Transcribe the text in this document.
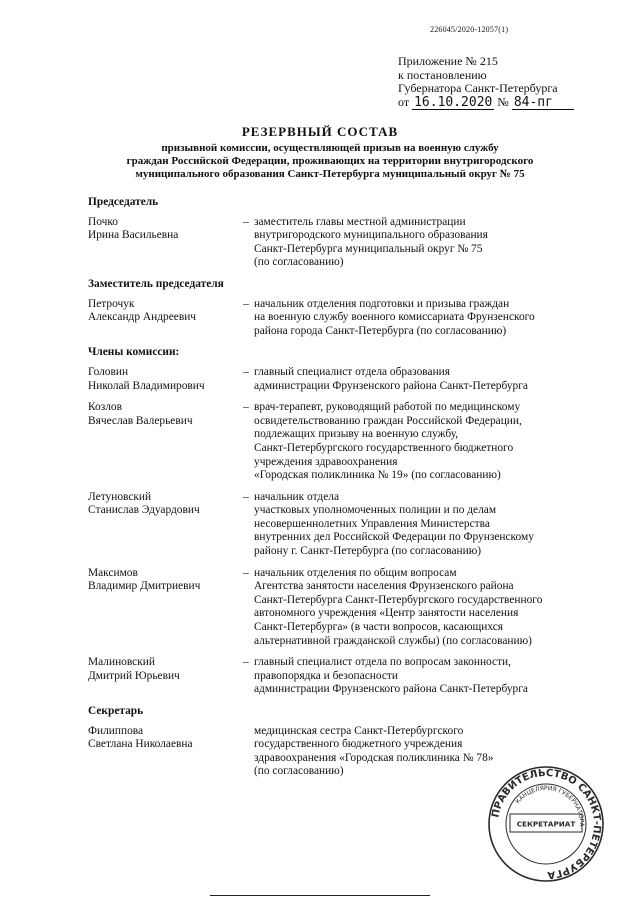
226045/2020-12057(1)
Приложение № 215
к постановлению
Губернатора Санкт-Петербурга
от 16.10.2020 № 84-пг
РЕЗЕРВНЫЙ СОСТАВ
призывной комиссии, осуществляющей призыв на военную службу
граждан Российской Федерации, проживающих на территории внутригородского
муниципального образования Санкт-Петербурга муниципальный округ № 75
Председатель
Почко
Ирина Васильевна
– заместитель главы местной администрации
внутригородского муниципального образования
Санкт-Петербурга муниципальный округ № 75
(по согласованию)
Заместитель председателя
Петрочук
Александр Андреевич
– начальник отделения подготовки и призыва граждан
на военную службу военного комиссариата Фрунзенского
района города Санкт-Петербурга (по согласованию)
Члены комиссии:
Головин
Николай Владимирович
– главный специалист отдела образования
администрации Фрунзенского района Санкт-Петербурга
Козлов
Вячеслав Валерьевич
– врач-терапевт, руководящий работой по медицинскому
освидетельствованию граждан Российской Федерации,
подлежащих призыву на военную службу,
Санкт-Петербургского государственного бюджетного
учреждения здравоохранения
«Городская поликлиника № 19» (по согласованию)
Летуновский
Станислав Эдуардович
– начальник отдела
участковых уполномоченных полиции и по делам
несовершеннолетних Управления Министерства
внутренних дел Российской Федерации по Фрунзенскому
району г. Санкт-Петербурга (по согласованию)
Максимов
Владимир Дмитриевич
– начальник отделения по общим вопросам
Агентства занятости населения Фрунзенского района
Санкт-Петербурга Санкт-Петербургского государственного
автономного учреждения «Центр занятости населения
Санкт-Петербурга» (в части вопросов, касающихся
альтернативной гражданской службы) (по согласованию)
Малиновский
Дмитрий Юрьевич
– главный специалист отдела по вопросам законности,
правопорядка и безопасности
администрации Фрунзенского района Санкт-Петербурга
Секретарь
Филиппова
Светлана Николаевна
медицинская сестра Санкт-Петербургского
государственного бюджетного учреждения
здравоохранения «Городская поликлиника № 78»
(по согласованию)
ПРАВИТЕЛЬСТВО САНКТ-ПЕТЕРБУРГА
КАНЦЕЛЯРИЯ ГУБЕРНАТОРА
СЕКРЕТАРИАТ
